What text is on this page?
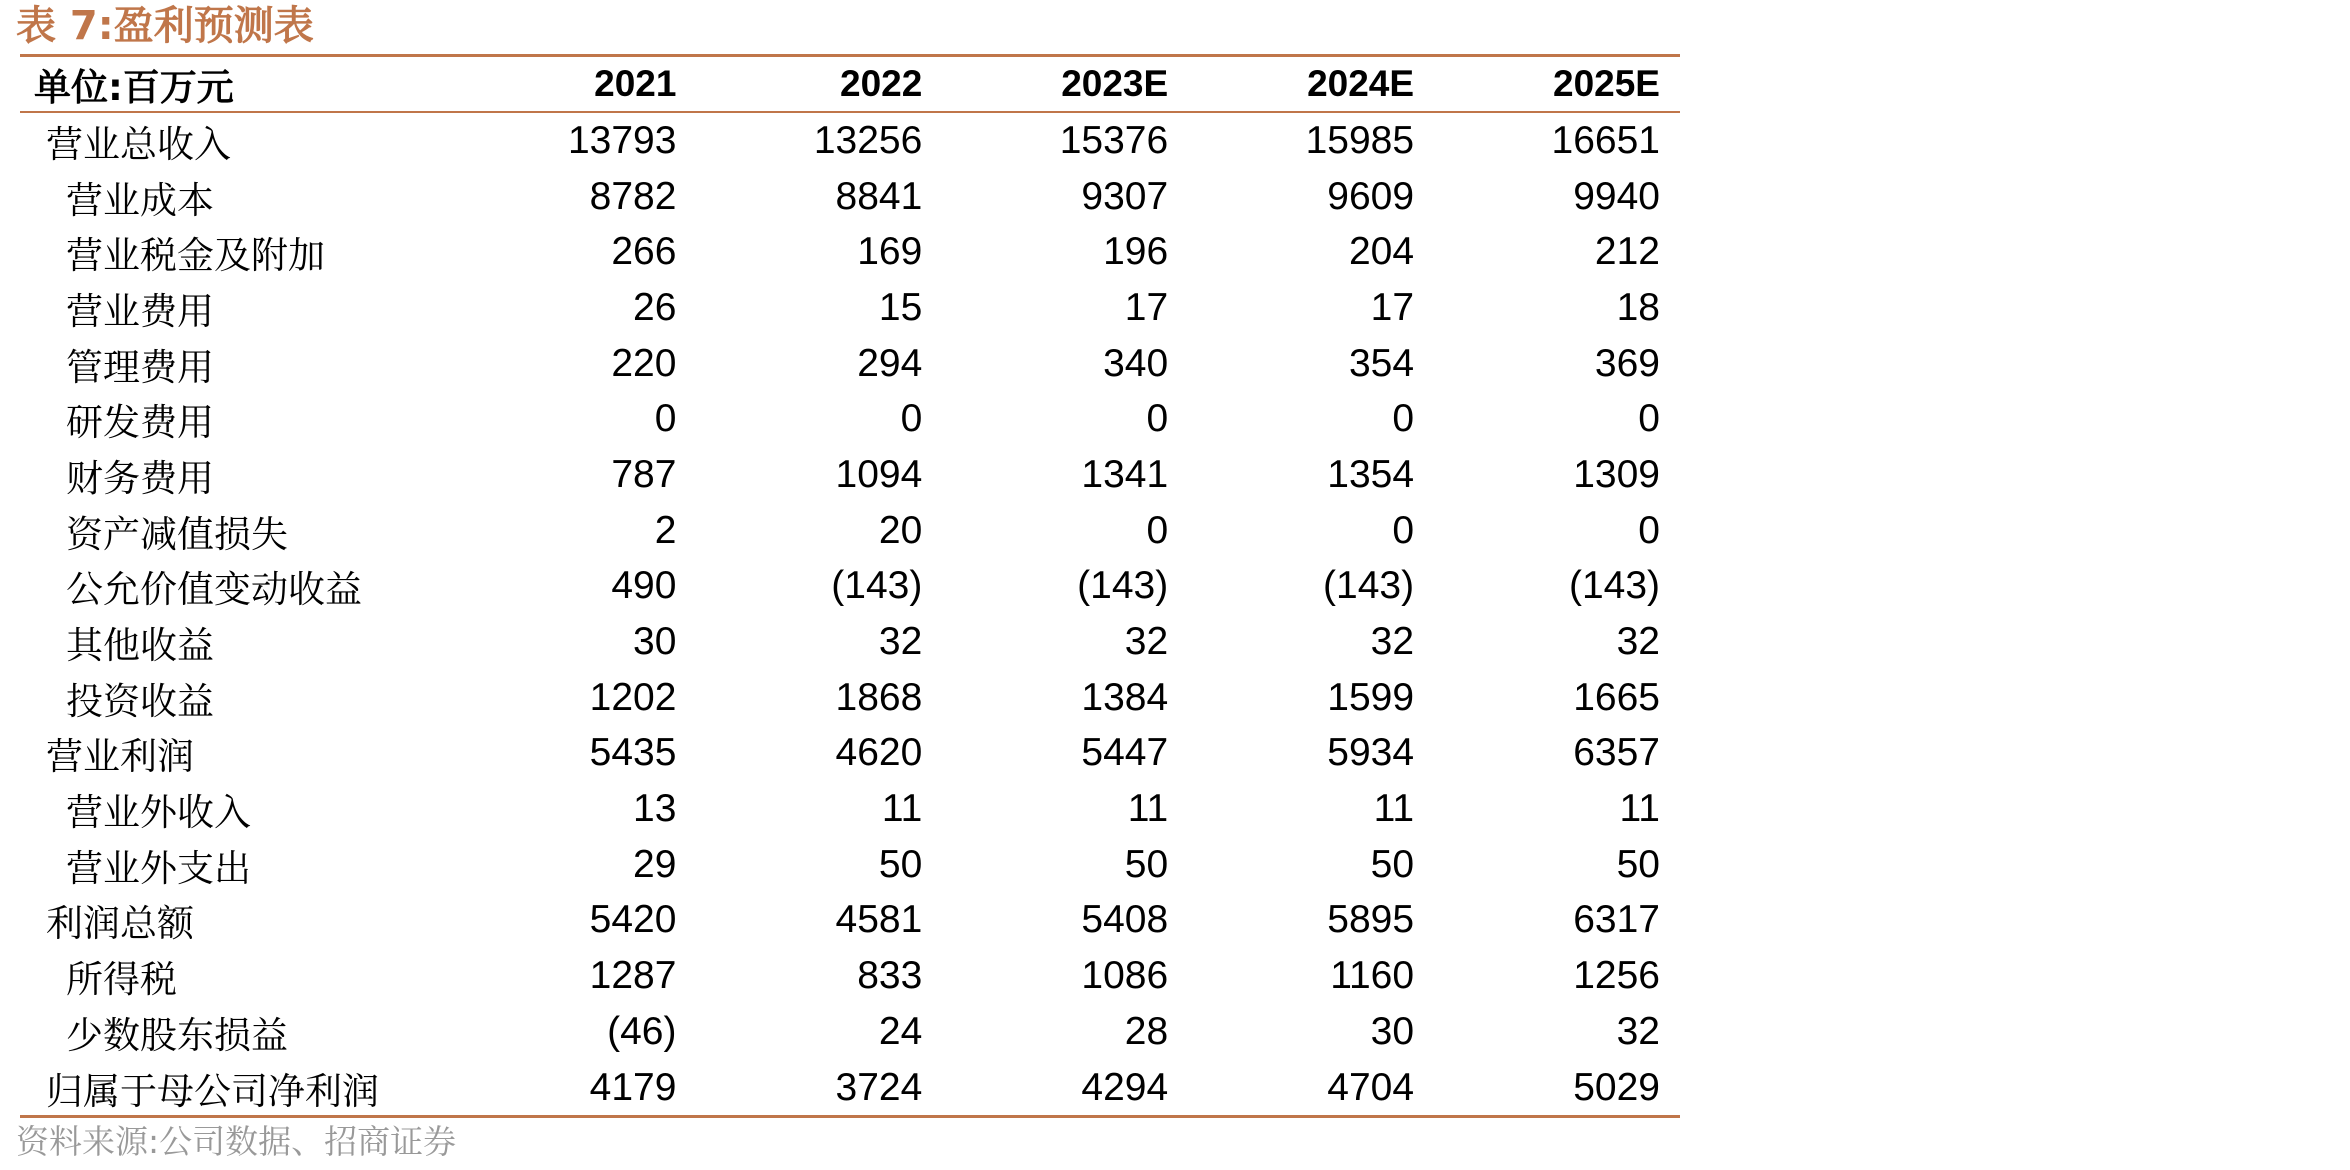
表 7:盈利预测表
单位:百万元	2021	2022	2023E	2024E	2025E
营业总收入	13793	13256	15376	15985	16651
营业成本	8782	8841	9307	9609	9940
营业税金及附加	266	169	196	204	212
营业费用	26	15	17	17	18
管理费用	220	294	340	354	369
研发费用	0	0	0	0	0
财务费用	787	1094	1341	1354	1309
资产减值损失	2	20	0	0	0
公允价值变动收益	490	(143)	(143)	(143)	(143)
其他收益	30	32	32	32	32
投资收益	1202	1868	1384	1599	1665
营业利润	5435	4620	5447	5934	6357
营业外收入	13	11	11	11	11
营业外支出	29	50	50	50	50
利润总额	5420	4581	5408	5895	6317
所得税	1287	833	1086	1160	1256
少数股东损益	(46)	24	28	30	32
归属于母公司净利润	4179	3724	4294	4704	5029
资料来源:公司数据、招商证券
